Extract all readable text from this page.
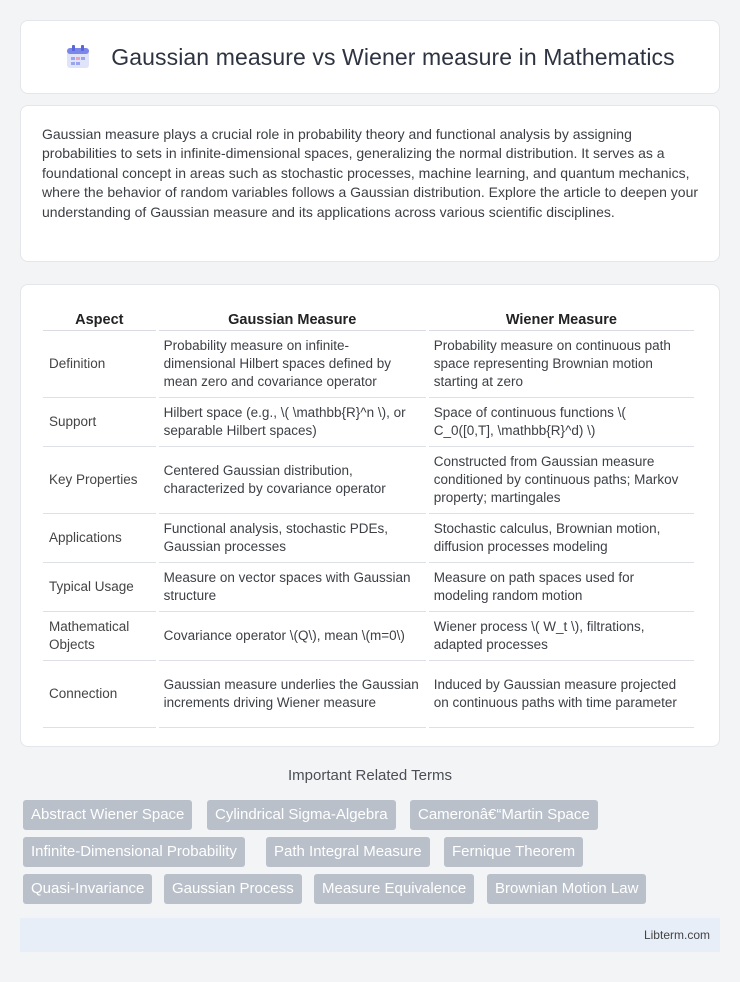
Gaussian measure vs Wiener measure in Mathematics

Gaussian measure plays a crucial role in probability theory and functional analysis by assigning probabilities to sets in infinite-dimensional spaces, generalizing the normal distribution. It serves as a foundational concept in areas such as stochastic processes, machine learning, and quantum mechanics, where the behavior of random variables follows a Gaussian distribution. Explore the article to deepen your understanding of Gaussian measure and its applications across various scientific disciplines.

Aspect	Gaussian Measure	Wiener Measure
Definition	Probability measure on infinite-dimensional Hilbert spaces defined by mean zero and covariance operator	Probability measure on continuous path space representing Brownian motion starting at zero
Support	Hilbert space (e.g., \( \mathbb{R}^n \), or separable Hilbert spaces)	Space of continuous functions \( C_0([0,T], \mathbb{R}^d) \)
Key Properties	Centered Gaussian distribution, characterized by covariance operator	Constructed from Gaussian measure conditioned by continuous paths; Markov property; martingales
Applications	Functional analysis, stochastic PDEs, Gaussian processes	Stochastic calculus, Brownian motion, diffusion processes modeling
Typical Usage	Measure on vector spaces with Gaussian structure	Measure on path spaces used for modeling random motion
Mathematical Objects	Covariance operator \(Q\), mean \(m=0\)	Wiener process \( W_t \), filtrations, adapted processes
Connection	Gaussian measure underlies the Gaussian increments driving Wiener measure	Induced by Gaussian measure projected on continuous paths with time parameter
Important Related Terms
Abstract Wiener Space	Cylindrical Sigma-Algebra	Cameronâ€“Martin Space
Infinite-Dimensional Probability	Path Integral Measure	Fernique Theorem
Quasi-Invariance	Gaussian Process	Measure Equivalence	Brownian Motion Law
Libterm.com
